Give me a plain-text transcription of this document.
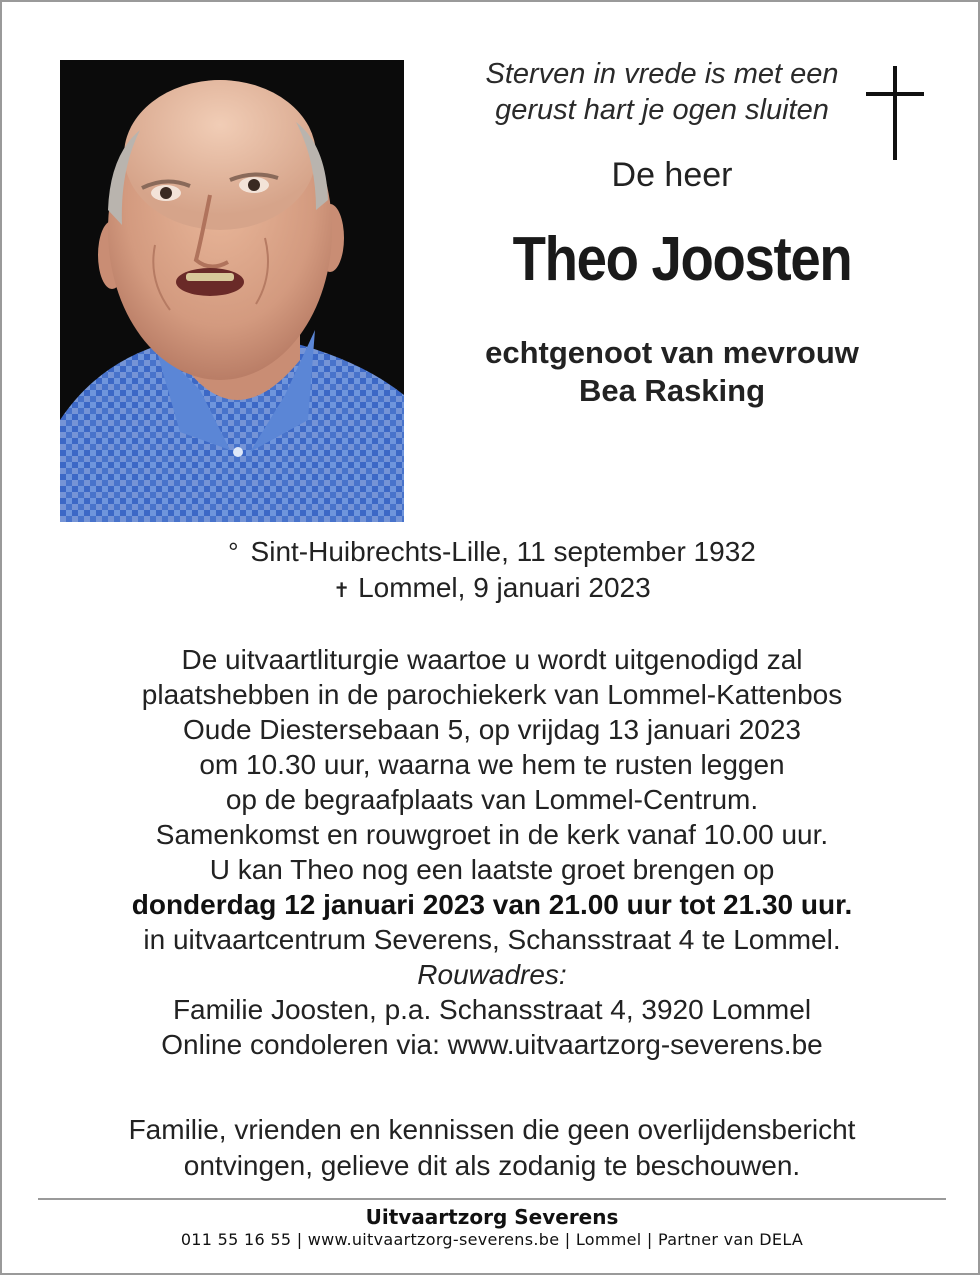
Sterven in vrede is met een
gerust hart je ogen sluiten
De heer
Theo Joosten
echtgenoot van mevrouw
Bea Rasking
° Sint-Huibrechts-Lille, 11 september 1932
✝ Lommel, 9 januari 2023
De uitvaartliturgie waartoe u wordt uitgenodigd zal
plaatshebben in de parochiekerk van Lommel-Kattenbos
Oude Diestersebaan 5, op vrijdag 13 januari 2023
om 10.30 uur, waarna we hem te rusten leggen
op de begraafplaats van Lommel-Centrum.
Samenkomst en rouwgroet in de kerk vanaf 10.00 uur.
U kan Theo nog een laatste groet brengen op
donderdag 12 januari 2023 van 21.00 uur tot 21.30 uur.
in uitvaartcentrum Severens, Schansstraat 4 te Lommel.
Rouwadres:
Familie Joosten, p.a. Schansstraat 4, 3920 Lommel
Online condoleren via: www.uitvaartzorg-severens.be
Familie, vrienden en kennissen die geen overlijdensbericht
ontvingen, gelieve dit als zodanig te beschouwen.
Uitvaartzorg Severens
011 55 16 55 | www.uitvaartzorg-severens.be | Lommel | Partner van DELA
